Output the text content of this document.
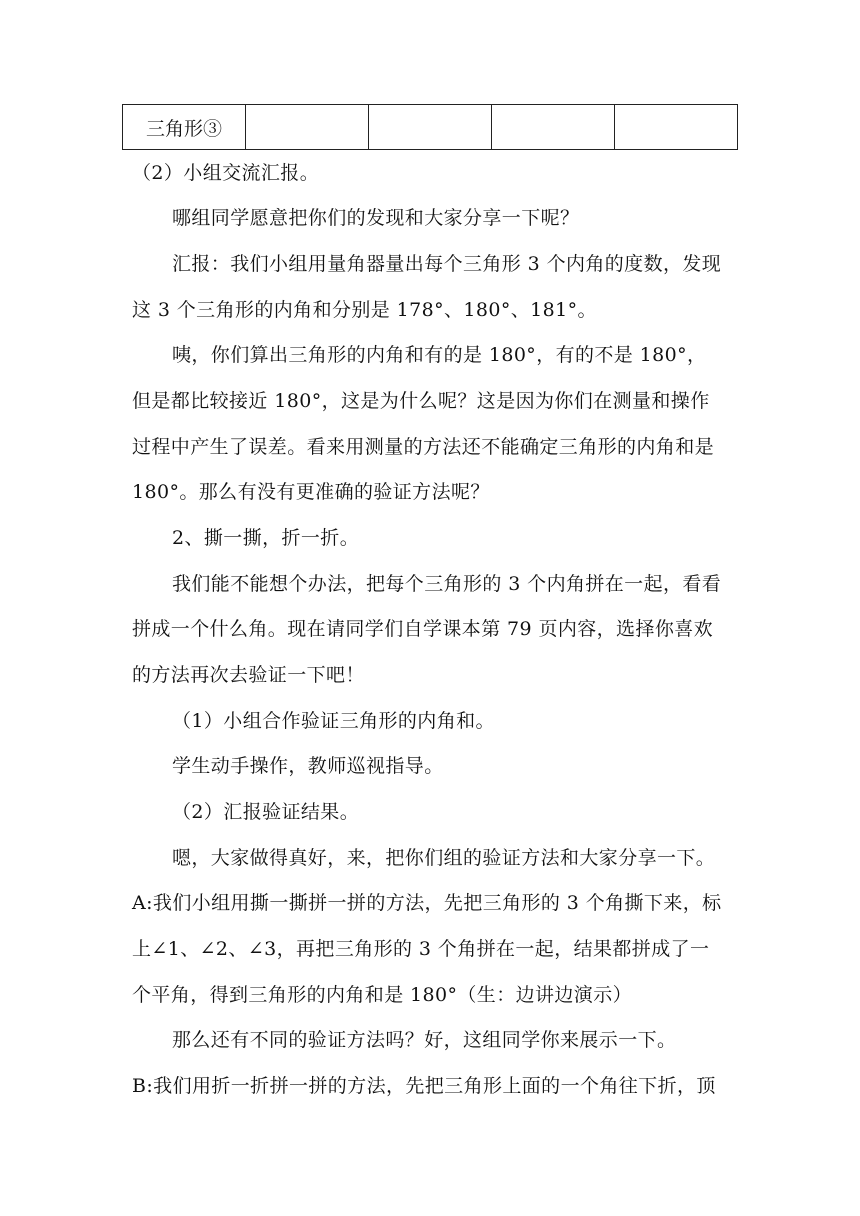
三角形③				
（2）小组交流汇报。
哪组同学愿意把你们的发现和大家分享一下呢？
汇报：我们小组用量角器量出每个三角形 3 个内角的度数，发现
这 3 个三角形的内角和分别是 178°、180°、181°。
咦，你们算出三角形的内角和有的是 180°，有的不是 180°，
但是都比较接近 180°，这是为什么呢？这是因为你们在测量和操作
过程中产生了误差。看来用测量的方法还不能确定三角形的内角和是
180°。那么有没有更准确的验证方法呢？
2、撕一撕，折一折。
我们能不能想个办法，把每个三角形的 3 个内角拼在一起，看看
拼成一个什么角。现在请同学们自学课本第 79 页内容，选择你喜欢
的方法再次去验证一下吧！
（1）小组合作验证三角形的内角和。
学生动手操作，教师巡视指导。
（2）汇报验证结果。
嗯，大家做得真好，来，把你们组的验证方法和大家分享一下。
A:我们小组用撕一撕拼一拼的方法，先把三角形的 3 个角撕下来，标
上∠1、∠2、∠3，再把三角形的 3 个角拼在一起，结果都拼成了一
个平角，得到三角形的内角和是 180°（生：边讲边演示）
那么还有不同的验证方法吗？好，这组同学你来展示一下。
B:我们用折一折拼一拼的方法，先把三角形上面的一个角往下折，顶
